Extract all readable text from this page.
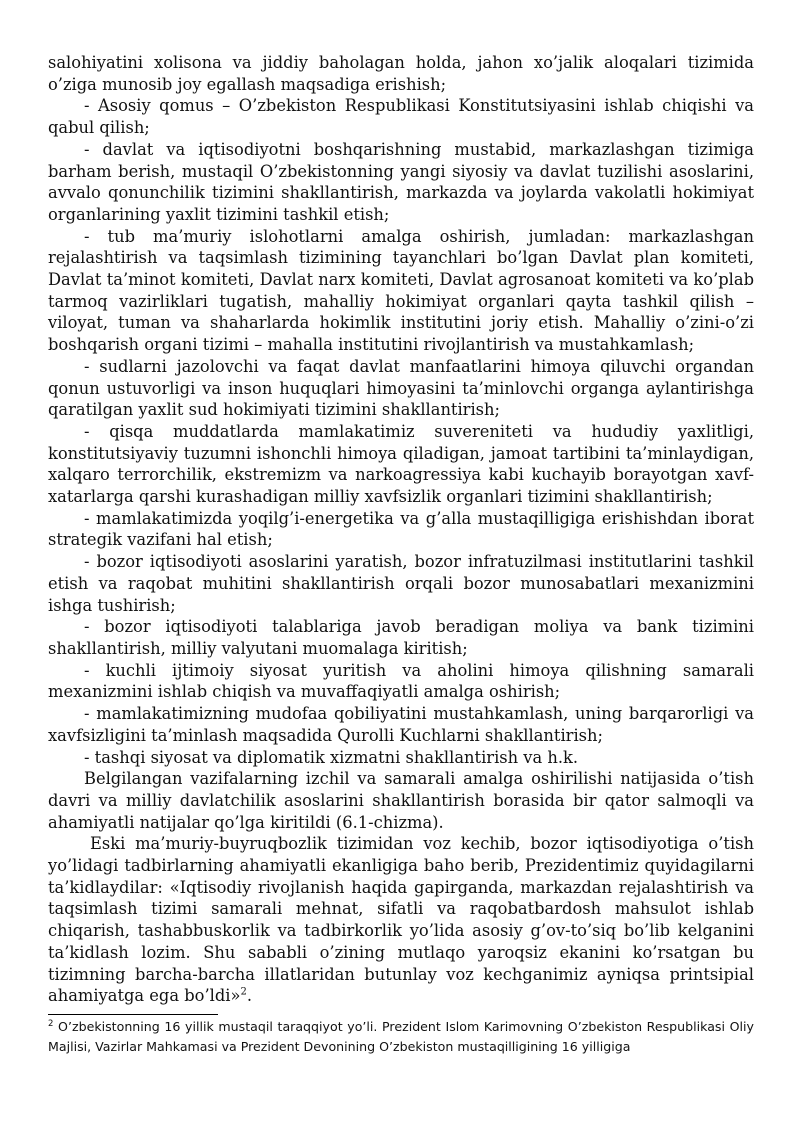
salohiyatini xolisona va jiddiy baholagan holda, jahon xo’jalik aloqalari tizimida o’ziga munosib joy egallash maqsadiga erishish;

- Asosiy qomus – O’zbekiston Respublikasi Konstitutsiyasini ishlab chiqishi va qabul qilish;

- davlat va iqtisodiyotni boshqarishning mustabid, markazlashgan tizimiga barham berish, mustaqil O’zbekistonning yangi siyosiy va davlat tuzilishi asoslarini, avvalo qonunchilik tizimini shakllantirish, markazda va joylarda vakolatli hokimiyat organlarining yaxlit tizimini tashkil etish;

- tub ma’muriy islohotlarni amalga oshirish, jumladan: markazlashgan rejalashtirish va taqsimlash tizimining tayanchlari bo’lgan Davlat plan komiteti, Davlat ta’minot komiteti, Davlat narx komiteti, Davlat agrosanoat komiteti va ko’plab tarmoq vazirliklari tugatish, mahalliy hokimiyat organlari qayta tashkil qilish – viloyat, tuman va shaharlarda hokimlik institutini joriy etish. Mahalliy o’zini-o’zi boshqarish organi tizimi – mahalla institutini rivojlantirish va mustahkamlash;

- sudlarni jazolovchi va faqat davlat manfaatlarini himoya qiluvchi organdan qonun ustuvorligi va inson huquqlari himoyasini ta’minlovchi organga aylantirishga qaratilgan yaxlit sud hokimiyati tizimini shakllantirish;

- qisqa muddatlarda mamlakatimiz suvereniteti va hududiy yaxlitligi, konstitutsiyaviy tuzumni ishonchli himoya qiladigan, jamoat tartibini ta’minlaydigan, xalqaro terrorchilik, ekstremizm va narkoagressiya kabi kuchayib borayotgan xavf-xatarlarga qarshi kurashadigan milliy xavfsizlik organlari tizimini shakllantirish;

- mamlakatimizda yoqilg’i-energetika va g’alla mustaqilligiga erishishdan iborat strategik vazifani hal etish;

- bozor iqtisodiyoti asoslarini yaratish, bozor infratuzilmasi institutlarini tashkil etish va raqobat muhitini shakllantirish orqali bozor munosabatlari mexanizmini ishga tushirish;

- bozor iqtisodiyoti talablariga javob beradigan moliya va bank tizimini shakllantirish, milliy valyutani muomalaga kiritish;

- kuchli ijtimoiy siyosat yuritish va aholini himoya qilishning samarali mexanizmini ishlab chiqish va muvaffaqiyatli amalga oshirish;

- mamlakatimizning mudofaa qobiliyatini mustahkamlash, uning barqarorligi va xavfsizligini ta’minlash maqsadida Qurolli Kuchlarni shakllantirish;

- tashqi siyosat va diplomatik xizmatni shakllantirish va h.k.

Belgilangan vazifalarning izchil va samarali amalga oshirilishi natijasida o’tish davri va milliy davlatchilik asoslarini shakllantirish borasida bir qator salmoqli va ahamiyatli natijalar qo’lga kiritildi (6.1-chizma).

Eski ma’muriy-buyruqbozlik tizimidan voz kechib, bozor iqtisodiyotiga o’tish yo’lidagi tadbirlarning ahamiyatli ekanligiga baho berib, Prezidentimiz quyidagilarni ta’kidlaydilar: «Iqtisodiy rivojlanish haqida gapirganda, markazdan rejalashtirish va taqsimlash tizimi samarali mehnat, sifatli va raqobatbardosh mahsulot ishlab chiqarish, tashabbuskorlik va tadbirkorlik yo’lida asosiy g’ov-to’siq bo’lib kelganini ta’kidlash lozim. Shu sababli o’zining mutlaqo yaroqsiz ekanini ko’rsatgan bu tizimning barcha-barcha illatlaridan butunlay voz kechganimiz ayniqsa printsipial ahamiyatga ega bo’ldi»$^2$.

$^2$ O’zbekistonning 16 yillik mustaqil taraqqiyot yo’li. Prezident Islom Karimovning O’zbekiston Respublikasi Oliy Majlisi, Vazirlar Mahkamasi va Prezident Devonining O’zbekiston mustaqilligining 16 yilligiga
